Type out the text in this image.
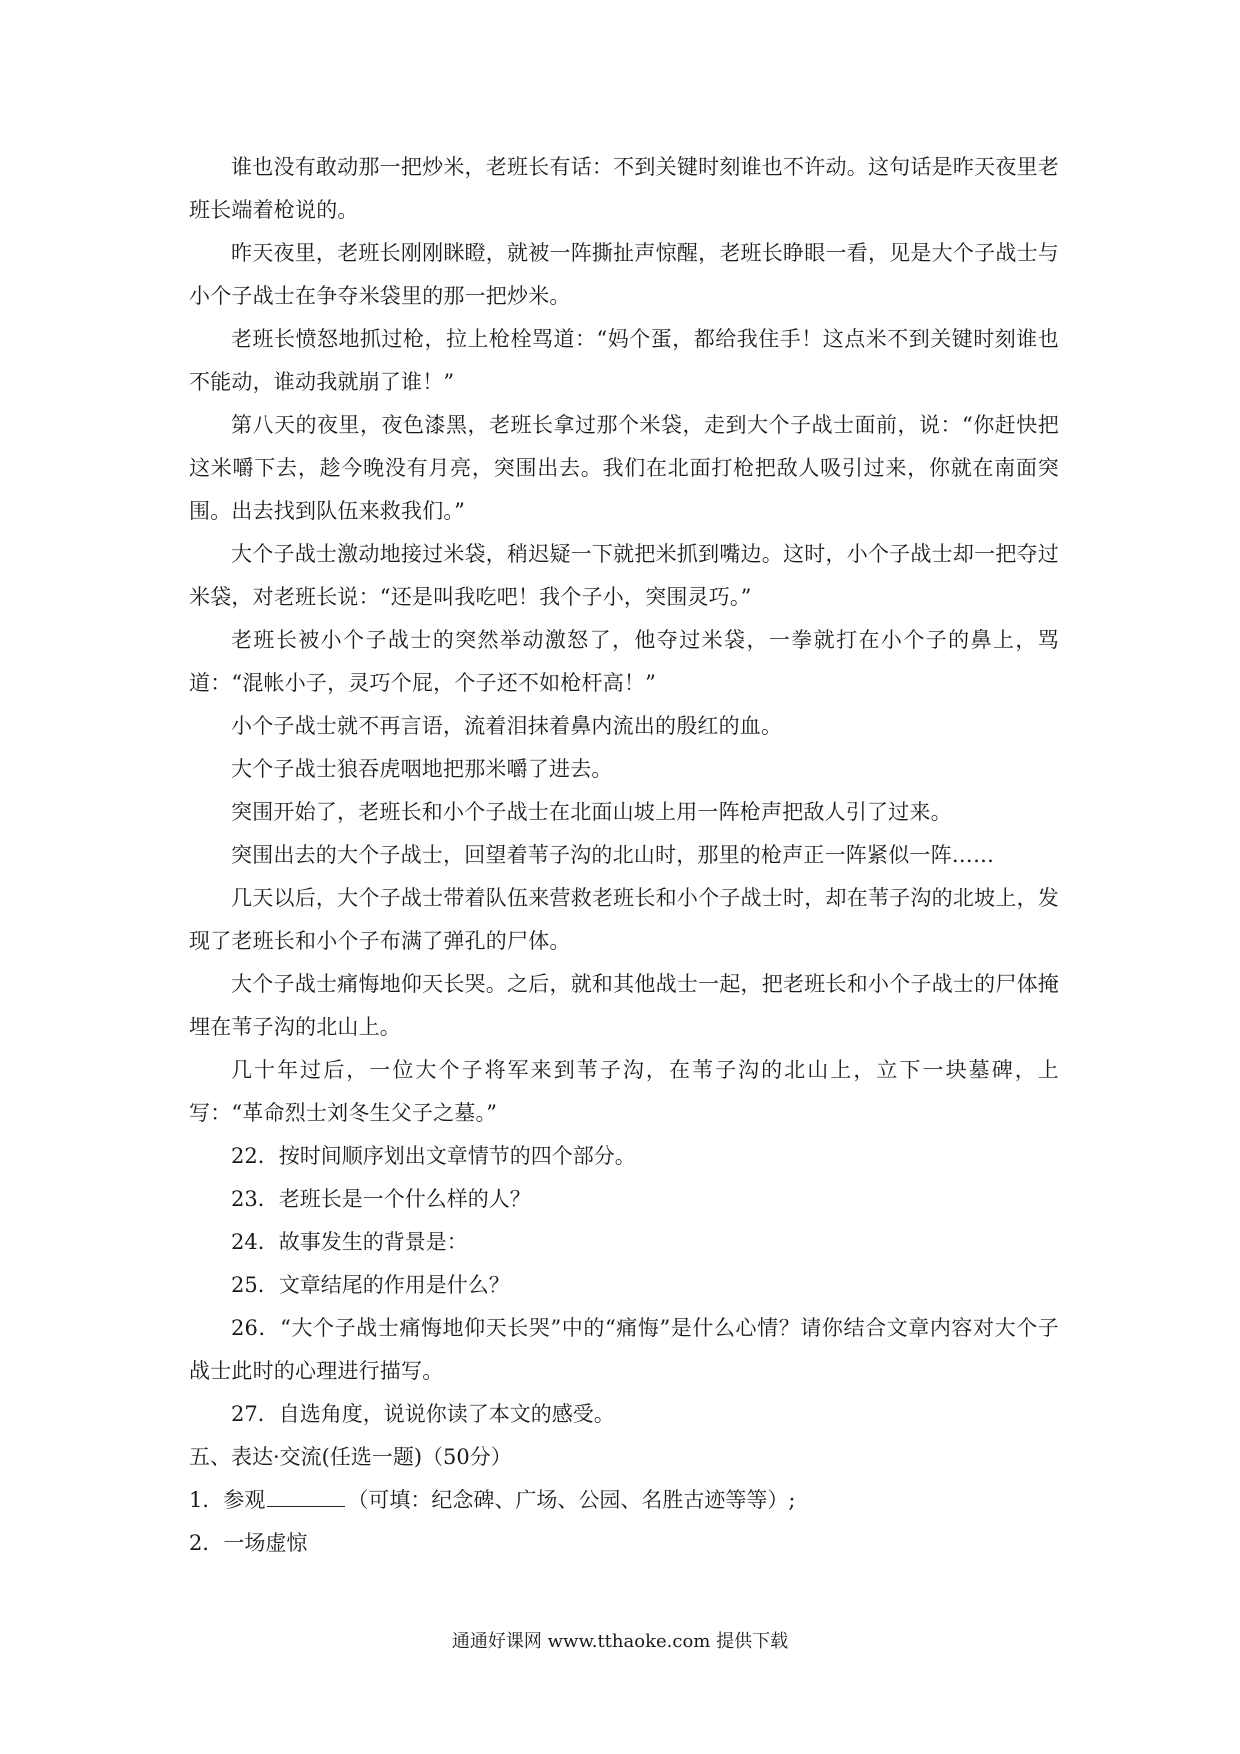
谁也没有敢动那一把炒米，老班长有话：不到关键时刻谁也不许动。这句话是昨天夜里老班长端着枪说的。

昨天夜里，老班长刚刚眯瞪，就被一阵撕扯声惊醒，老班长睁眼一看，见是大个子战士与小个子战士在争夺米袋里的那一把炒米。

老班长愤怒地抓过枪，拉上枪栓骂道：“妈个蛋，都给我住手！这点米不到关键时刻谁也不能动，谁动我就崩了谁！”

第八天的夜里，夜色漆黑，老班长拿过那个米袋，走到大个子战士面前，说：“你赶快把这米嚼下去，趁今晚没有月亮，突围出去。我们在北面打枪把敌人吸引过来，你就在南面突围。出去找到队伍来救我们。”

大个子战士激动地接过米袋，稍迟疑一下就把米抓到嘴边。这时，小个子战士却一把夺过米袋，对老班长说：“还是叫我吃吧！我个子小，突围灵巧。”

老班长被小个子战士的突然举动激怒了，他夺过米袋，一拳就打在小个子的鼻上，骂道：“混帐小子，灵巧个屁，个子还不如枪杆高！”

小个子战士就不再言语，流着泪抹着鼻内流出的殷红的血。

大个子战士狼吞虎咽地把那米嚼了进去。

突围开始了，老班长和小个子战士在北面山坡上用一阵枪声把敌人引了过来。

突围出去的大个子战士，回望着苇子沟的北山时，那里的枪声正一阵紧似一阵……

几天以后，大个子战士带着队伍来营救老班长和小个子战士时，却在苇子沟的北坡上，发现了老班长和小个子布满了弹孔的尸体。

大个子战士痛悔地仰天长哭。之后，就和其他战士一起，把老班长和小个子战士的尸体掩埋在苇子沟的北山上。

几十年过后，一位大个子将军来到苇子沟，在苇子沟的北山上，立下一块墓碑，上写：“革命烈士刘冬生父子之墓。”

22．按时间顺序划出文章情节的四个部分。

23．老班长是一个什么样的人？

24．故事发生的背景是：

25．文章结尾的作用是什么？

26．“大个子战士痛悔地仰天长哭”中的“痛悔”是什么心情？请你结合文章内容对大个子战士此时的心理进行描写。

27．自选角度，说说你读了本文的感受。

五、表达·交流(任选一题)（50分）

1．参观	（可填：纪念碑、广场、公园、名胜古迹等等）;

2．一场虚惊

通通好课网 www.tthaoke.com 提供下载
